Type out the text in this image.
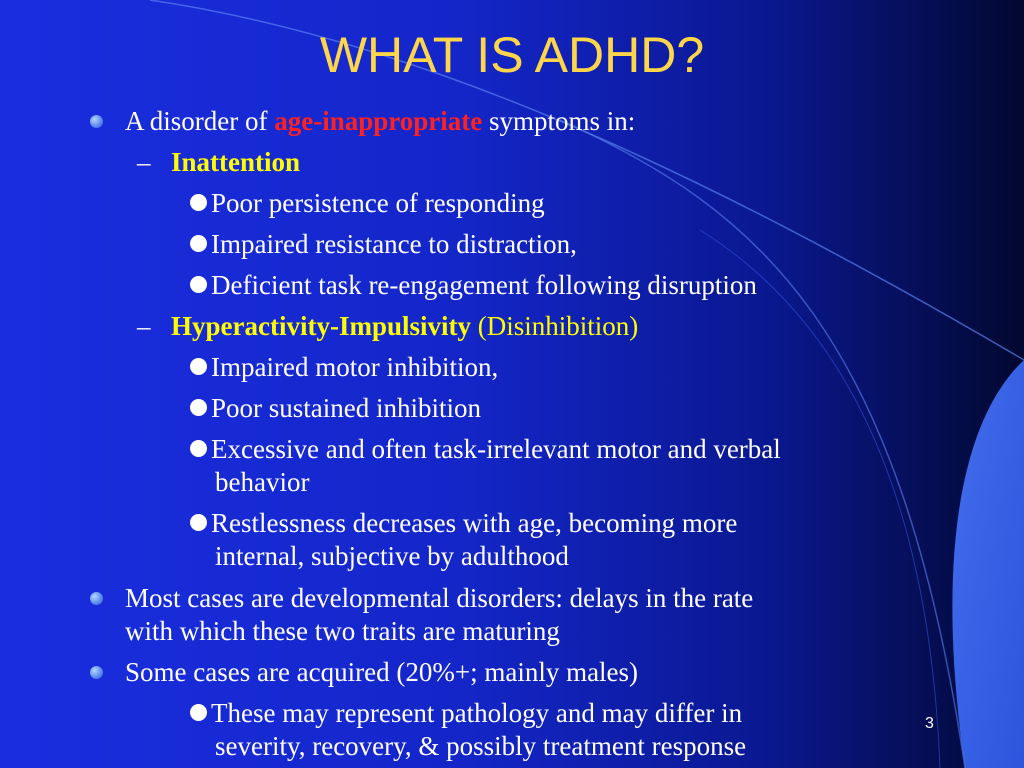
WHAT IS ADHD?
A disorder of age-inappropriate symptoms in:
– Inattention
Poor persistence of responding
Impaired resistance to distraction,
Deficient task re-engagement following disruption
– Hyperactivity-Impulsivity (Disinhibition)
Impaired motor inhibition,
Poor sustained inhibition
Excessive and often task-irrelevant motor and verbal
behavior
Restlessness decreases with age, becoming more
internal, subjective by adulthood
Most cases are developmental disorders: delays in the rate
with which these two traits are maturing
Some cases are acquired (20%+; mainly males)
These may represent pathology and may differ in
severity, recovery, & possibly treatment response
3
